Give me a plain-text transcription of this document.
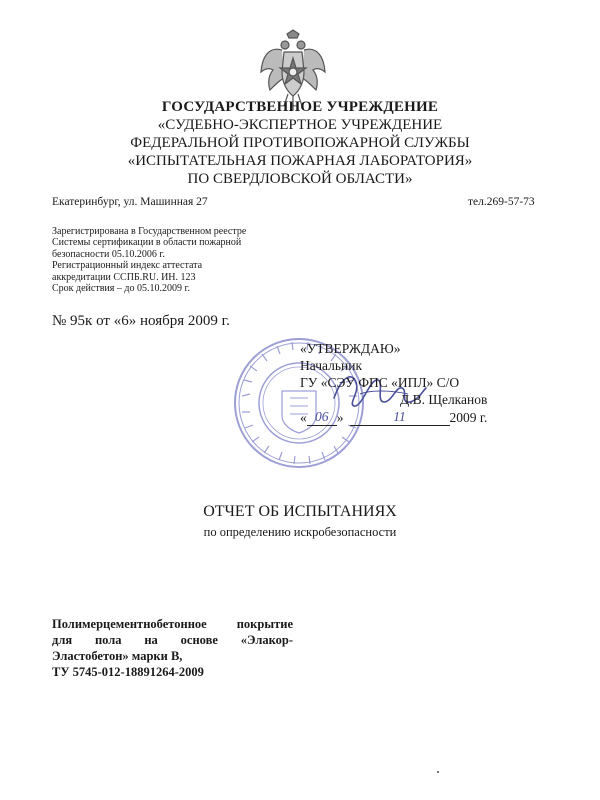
ГОСУДАРСТВЕННОЕ УЧРЕЖДЕНИЕ
«СУДЕБНО-ЭКСПЕРТНОЕ УЧРЕЖДЕНИЕ
ФЕДЕРАЛЬНОЙ ПРОТИВОПОЖАРНОЙ СЛУЖБЫ
«ИСПЫТАТЕЛЬНАЯ ПОЖАРНАЯ ЛАБОРАТОРИЯ»
ПО СВЕРДЛОВСКОЙ ОБЛАСТИ»
Екатеринбург, ул. Машинная 27	тел.269-57-73
Зарегистрирована в Государственном реестре
Системы сертификации в области пожарной
безопасности 05.10.2006 г.
Регистрационный индекс аттестата
аккредитации ССПБ.RU. ИН. 123
Срок действия – до 05.10.2009 г.
№ 95к от «6» ноября 2009 г.
«УТВЕРЖДАЮ»
Начальник
ГУ «СЭУ ФПС «ИПЛ» С/О
Д.В. Щелканов
« 06 »	11	2009 г.
ОТЧЕТ ОБ ИСПЫТАНИЯХ
по определению искробезопасности
Полимерцементнобетонное покрытие
для пола на основе «Элакор-
Эластобетон» марки В,
ТУ 5745-012-18891264-2009
